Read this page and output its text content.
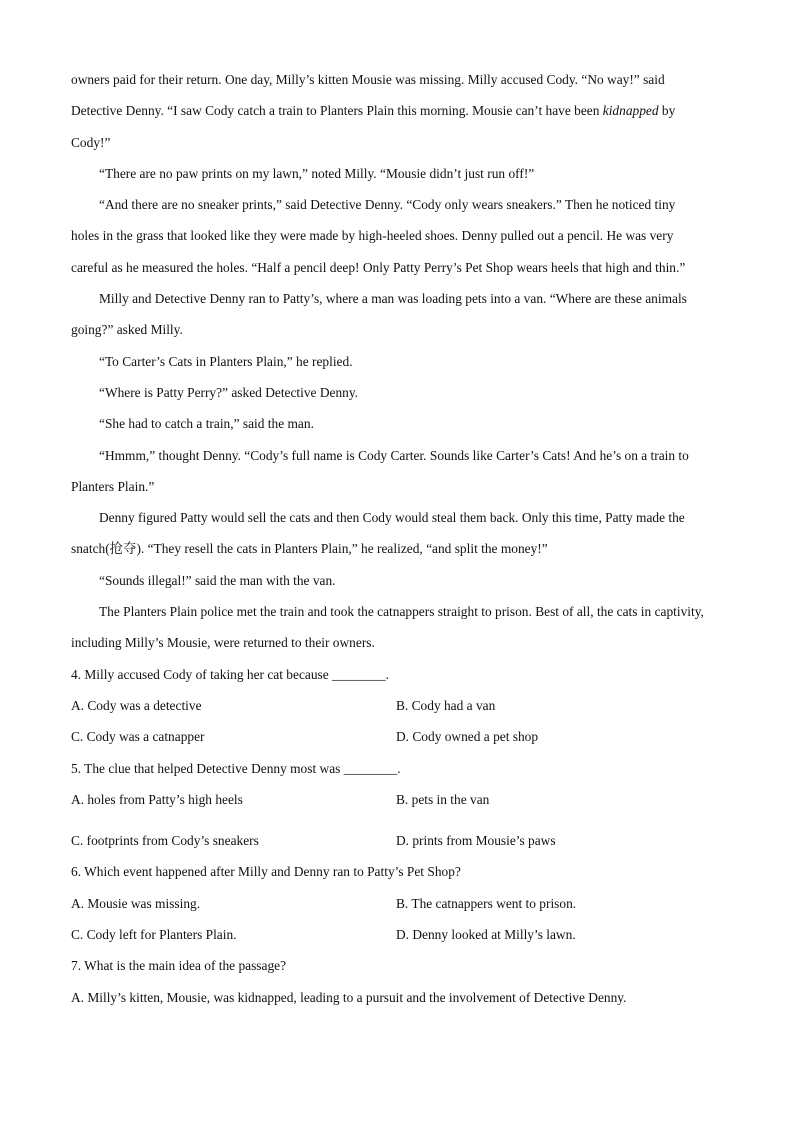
owners paid for their return. One day, Milly’s kitten Mousie was missing. Milly accused Cody. “No way!” said
Detective Denny. “I saw Cody catch a train to Planters Plain this morning. Mousie can’t have been kidnapped by
Cody!”
“There are no paw prints on my lawn,” noted Milly. “Mousie didn’t just run off!”
“And there are no sneaker prints,” said Detective Denny. “Cody only wears sneakers.” Then he noticed tiny
holes in the grass that looked like they were made by high-heeled shoes. Denny pulled out a pencil. He was very
careful as he measured the holes. “Half a pencil deep! Only Patty Perry’s Pet Shop wears heels that high and thin.”
Milly and Detective Denny ran to Patty’s, where a man was loading pets into a van. “Where are these animals
going?” asked Milly.
“To Carter’s Cats in Planters Plain,” he replied.
“Where is Patty Perry?” asked Detective Denny.
“She had to catch a train,” said the man.
“Hmmm,” thought Denny. “Cody’s full name is Cody Carter. Sounds like Carter’s Cats! And he’s on a train to
Planters Plain.”
Denny figured Patty would sell the cats and then Cody would steal them back. Only this time, Patty made the
snatch(抢夺). “They resell the cats in Planters Plain,” he realized, “and split the money!”
“Sounds illegal!” said the man with the van.
The Planters Plain police met the train and took the catnappers straight to prison. Best of all, the cats in captivity,
including Milly’s Mousie, were returned to their owners.
4. Milly accused Cody of taking her cat because ________.
A. Cody was a detective	B. Cody had a van
C. Cody was a catnapper	D. Cody owned a pet shop
5. The clue that helped Detective Denny most was ________.
A. holes from Patty’s high heels	B. pets in the van
C. footprints from Cody’s sneakers	D. prints from Mousie’s paws
6. Which event happened after Milly and Denny ran to Patty’s Pet Shop?
A. Mousie was missing.	B. The catnappers went to prison.
C. Cody left for Planters Plain.	D. Denny looked at Milly’s lawn.
7. What is the main idea of the passage?
A. Milly’s kitten, Mousie, was kidnapped, leading to a pursuit and the involvement of Detective Denny.
